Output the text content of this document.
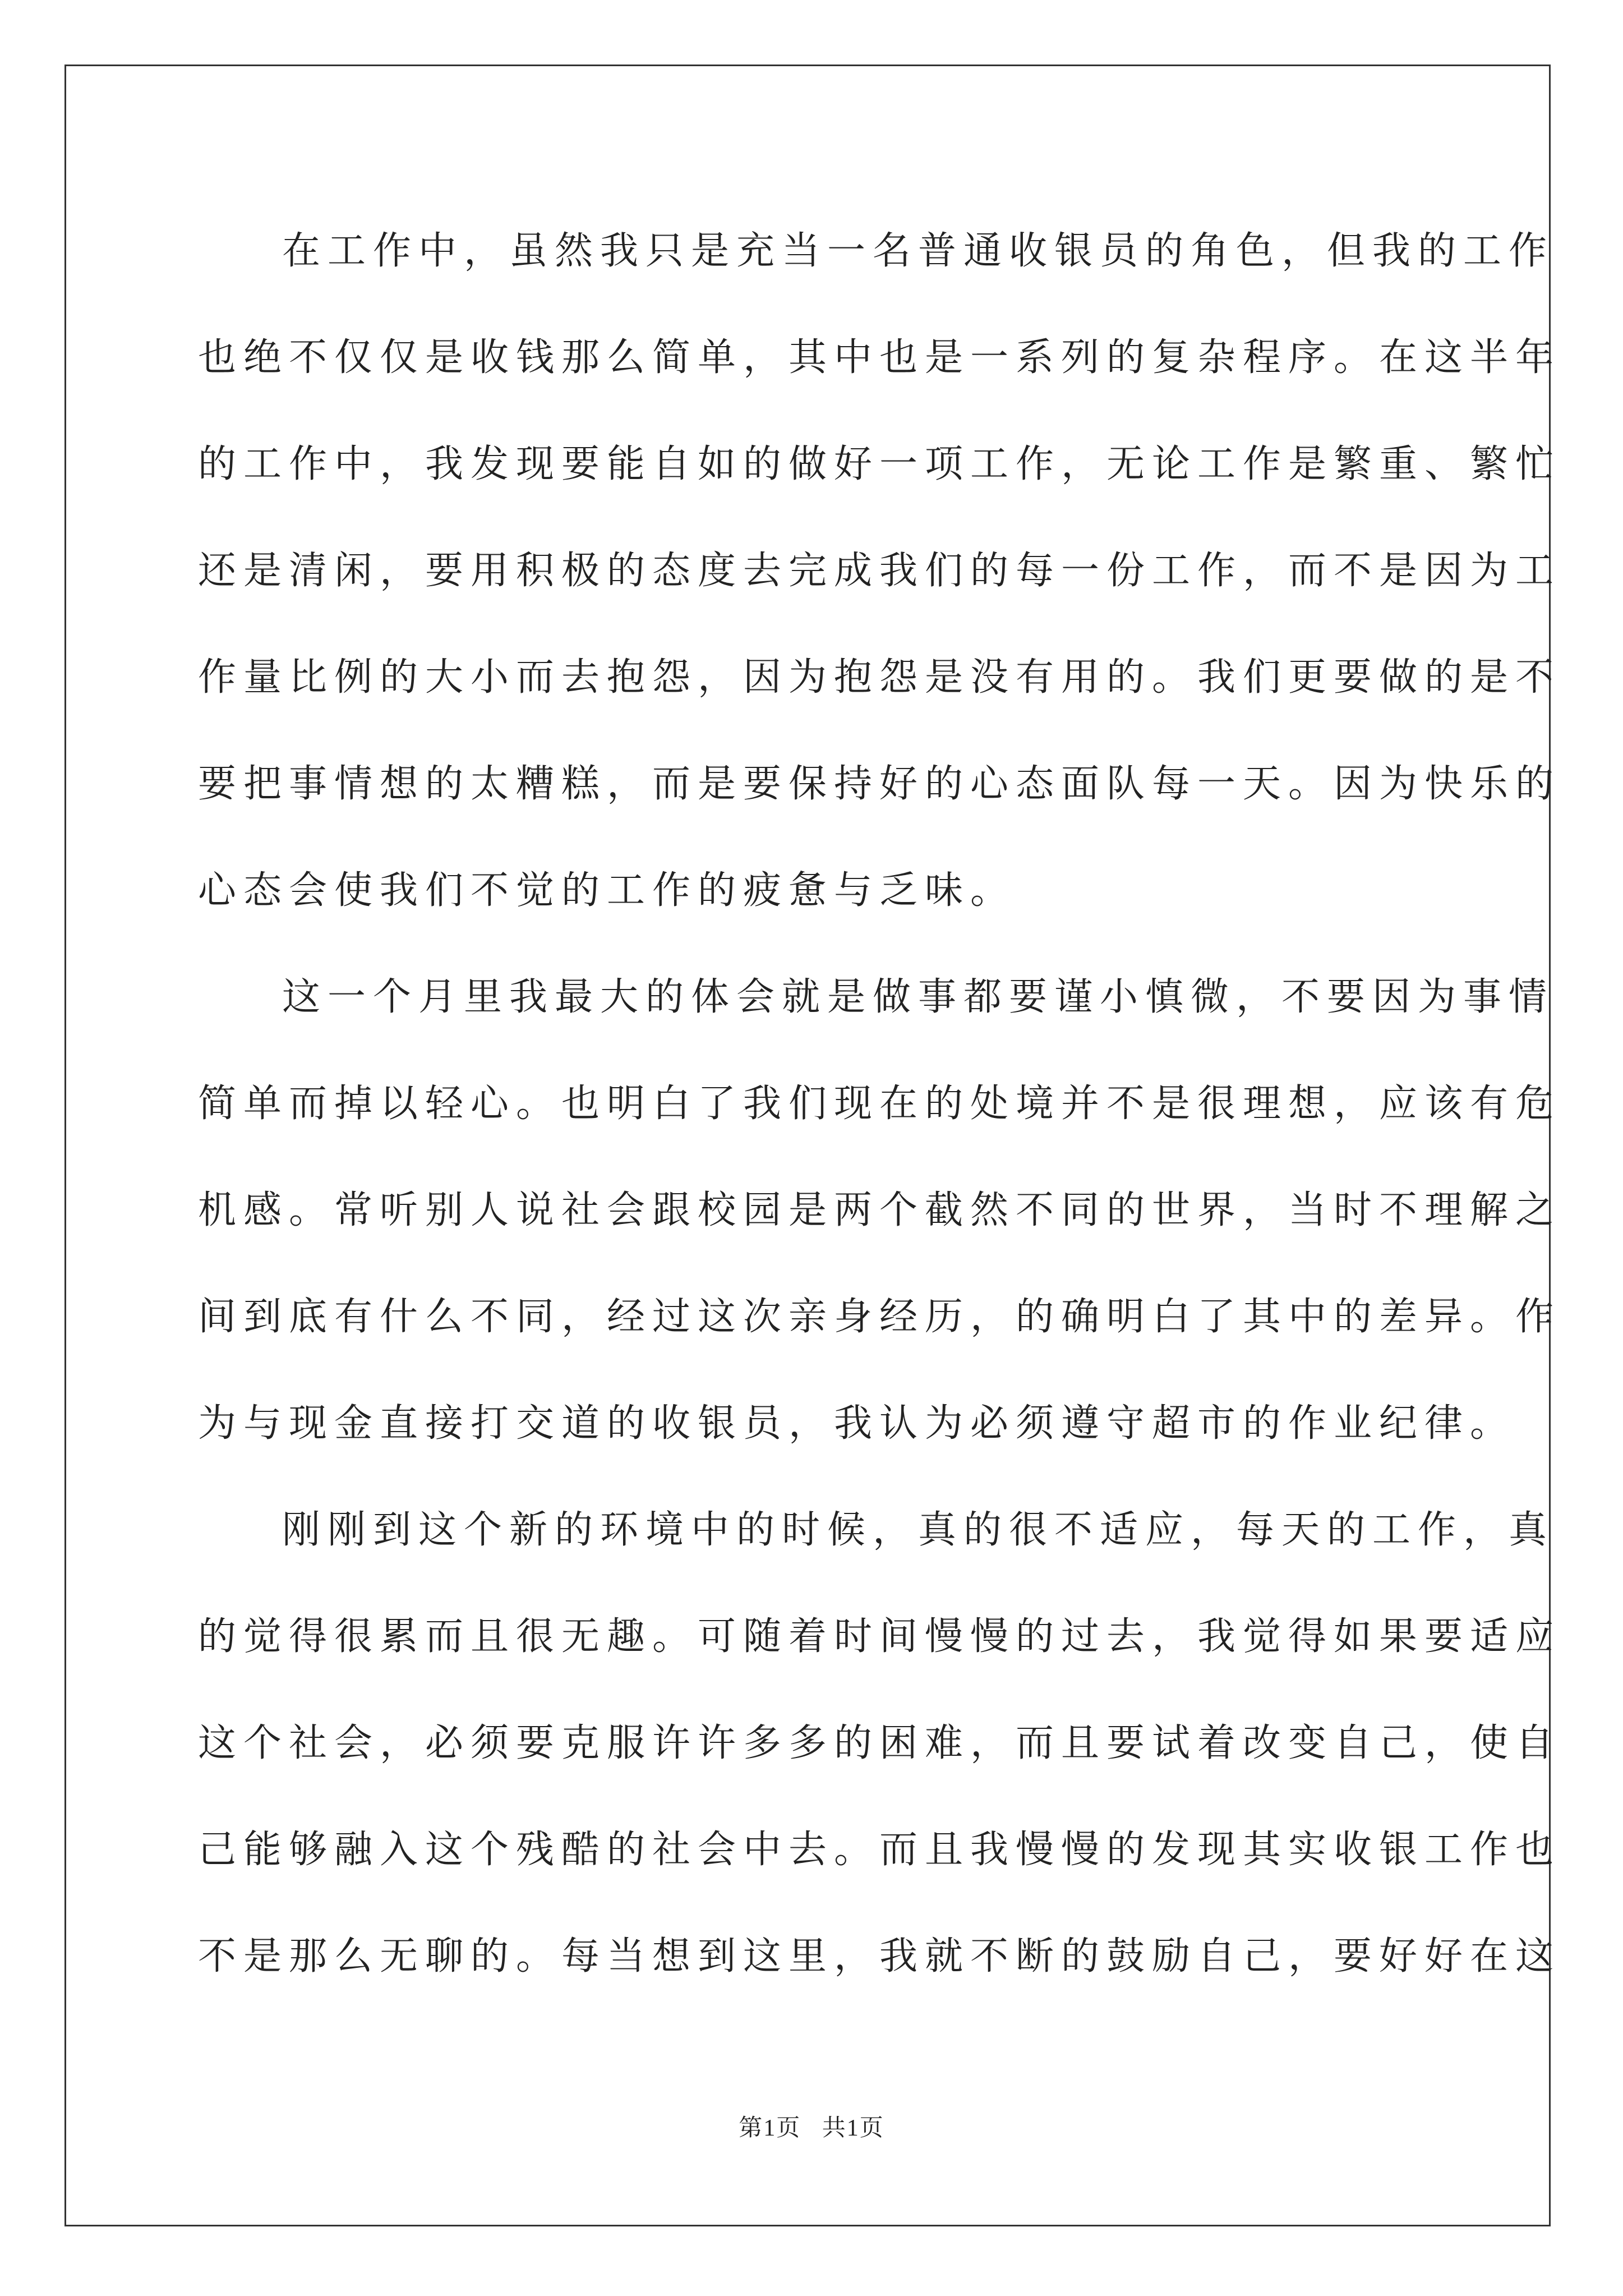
在工作中，虽然我只是充当一名普通收银员的角色，但我的工作
也绝不仅仅是收钱那么简单，其中也是一系列的复杂程序。在这半年
的工作中，我发现要能自如的做好一项工作，无论工作是繁重、繁忙
还是清闲，要用积极的态度去完成我们的每一份工作，而不是因为工
作量比例的大小而去抱怨，因为抱怨是没有用的。我们更要做的是不
要把事情想的太糟糕，而是要保持好的心态面队每一天。因为快乐的
心态会使我们不觉的工作的疲惫与乏味。
这一个月里我最大的体会就是做事都要谨小慎微，不要因为事情
简单而掉以轻心。也明白了我们现在的处境并不是很理想，应该有危
机感。常听别人说社会跟校园是两个截然不同的世界，当时不理解之
间到底有什么不同，经过这次亲身经历，的确明白了其中的差异。作
为与现金直接打交道的收银员，我认为必须遵守超市的作业纪律。
刚刚到这个新的环境中的时候，真的很不适应，每天的工作，真
的觉得很累而且很无趣。可随着时间慢慢的过去，我觉得如果要适应
这个社会，必须要克服许许多多的困难，而且要试着改变自己，使自
己能够融入这个残酷的社会中去。而且我慢慢的发现其实收银工作也
不是那么无聊的。每当想到这里，我就不断的鼓励自己，要好好在这
第1页 共1页
